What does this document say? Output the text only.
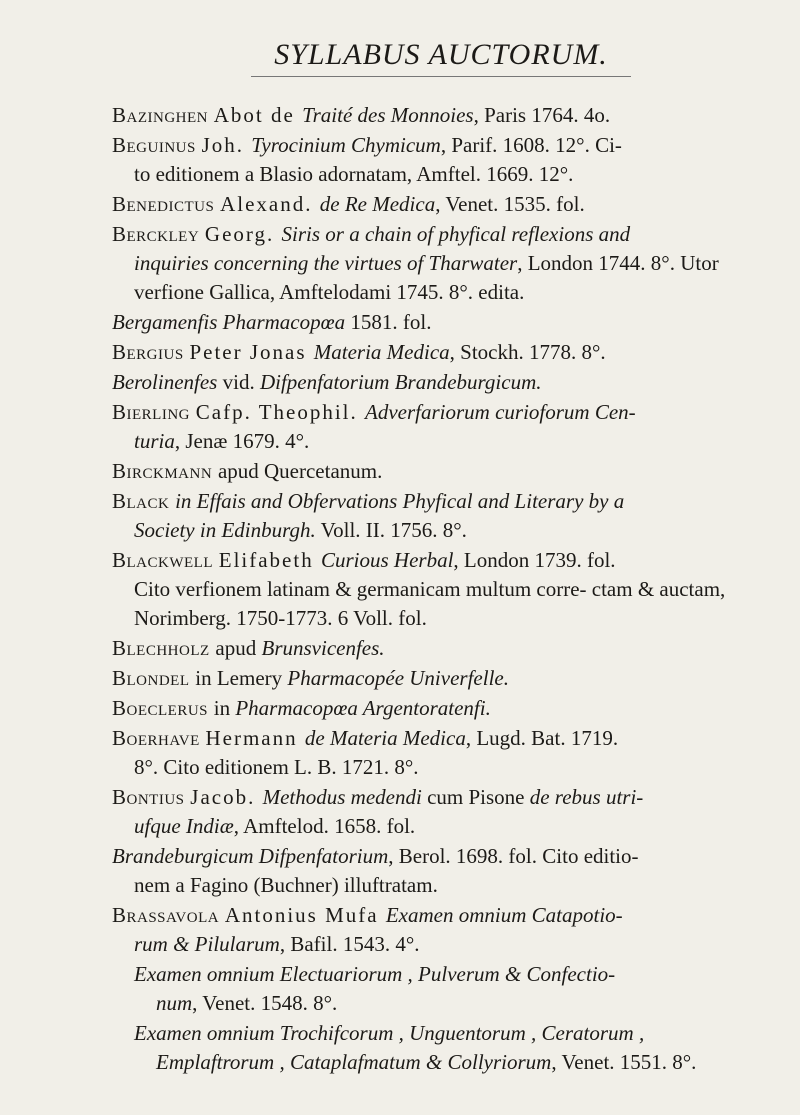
SYLLABUS AUCTORUM.
Bazinghen Abot de Traité des Monnoies, Paris 1764. 4o.
Beguinus Joh. Tyrocinium Chymicum, Parif. 1608. 12°. Ci-
to editionem a Blasio adornatam, Amftel. 1669. 12°.
Benedictus Alexand. de Re Medica, Venet. 1535. fol.
Berckley Georg. Siris or a chain of phyfical reflexions and
inquiries concerning the virtues of Tharwater, London 1744. 8°. Utor verfione Gallica, Amftelodami 1745. 8°. edita.
Bergamenfis Pharmacopœa 1581. fol.
Bergius Peter Jonas Materia Medica, Stockh. 1778. 8°.
Berolinenfes vid. Difpenfatorium Brandeburgicum.
Bierling Cafp. Theophil. Adverfariorum curioforum Cen-
turia, Jenæ 1679. 4°.
Birckmann apud Quercetanum.
Black in Effais and Obfervations Phyfical and Literary by a
Society in Edinburgh. Voll. II. 1756. 8°.
Blackwell Elifabeth Curious Herbal, London 1739. fol.
Cito verfionem latinam & germanicam multum corre- ctam & auctam, Norimberg. 1750-1773. 6 Voll. fol.
Blechholz apud Brunsvicenfes.
Blondel in Lemery Pharmacopée Univerfelle.
Boeclerus in Pharmacopœa Argentoratenfi.
Boerhave Hermann de Materia Medica, Lugd. Bat. 1719.
8°. Cito editionem L. B. 1721. 8°.
Bontius Jacob. Methodus medendi cum Pisone de rebus utri-
ufque Indiæ, Amftelod. 1658. fol.
Brandeburgicum Difpenfatorium, Berol. 1698. fol. Cito editio-
nem a Fagino (Buchner) illuftratam.
Brassavola Antonius Mufa Examen omnium Catapotio-
rum & Pilularum, Bafil. 1543. 4°.
Examen omnium Electuariorum , Pulverum & Confectio-
num, Venet. 1548. 8°.
Examen omnium Trochifcorum , Unguentorum , Ceratorum ,
Emplaftrorum , Cataplafmatum & Collyriorum, Venet. 1551. 8°.
